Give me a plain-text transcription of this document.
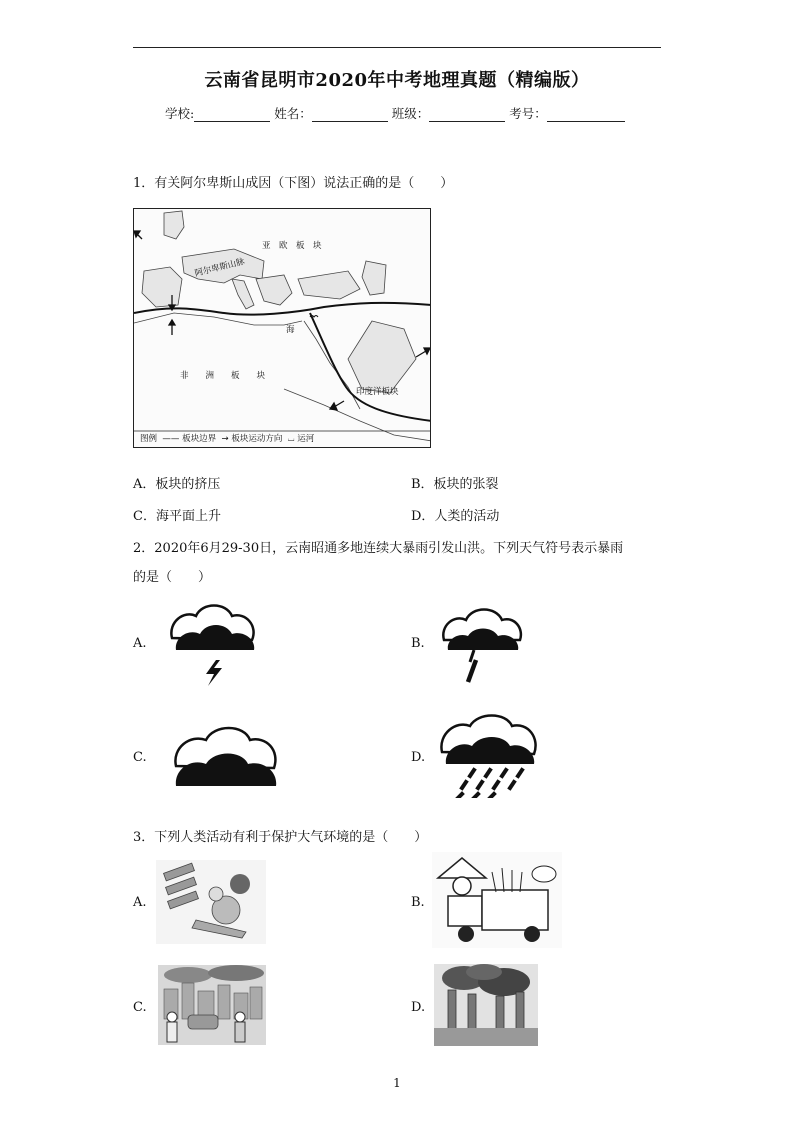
云南省昆明市2020年中考地理真题（精编版）
学校:	姓名：	班级：	考号：
1．有关阿尔卑斯山成因（下图）说法正确的是（　　）
亚　欧　板　块
阿尔卑斯山脉
海
非　　洲　　板　　块
印度洋板块
图例  —— 板块边界  → 板块运动方向  ⌴ 运河
A．板块的挤压	B．板块的张裂
C．海平面上升	D．人类的活动
2．2020年6月29-30日，云南昭通多地连续大暴雨引发山洪。下列天气符号表示暴雨
的是（　　）
A.	B.
C.	D.
3．下列人类活动有利于保护大气环境的是（　　）
A.	B.
C.	D.
1
